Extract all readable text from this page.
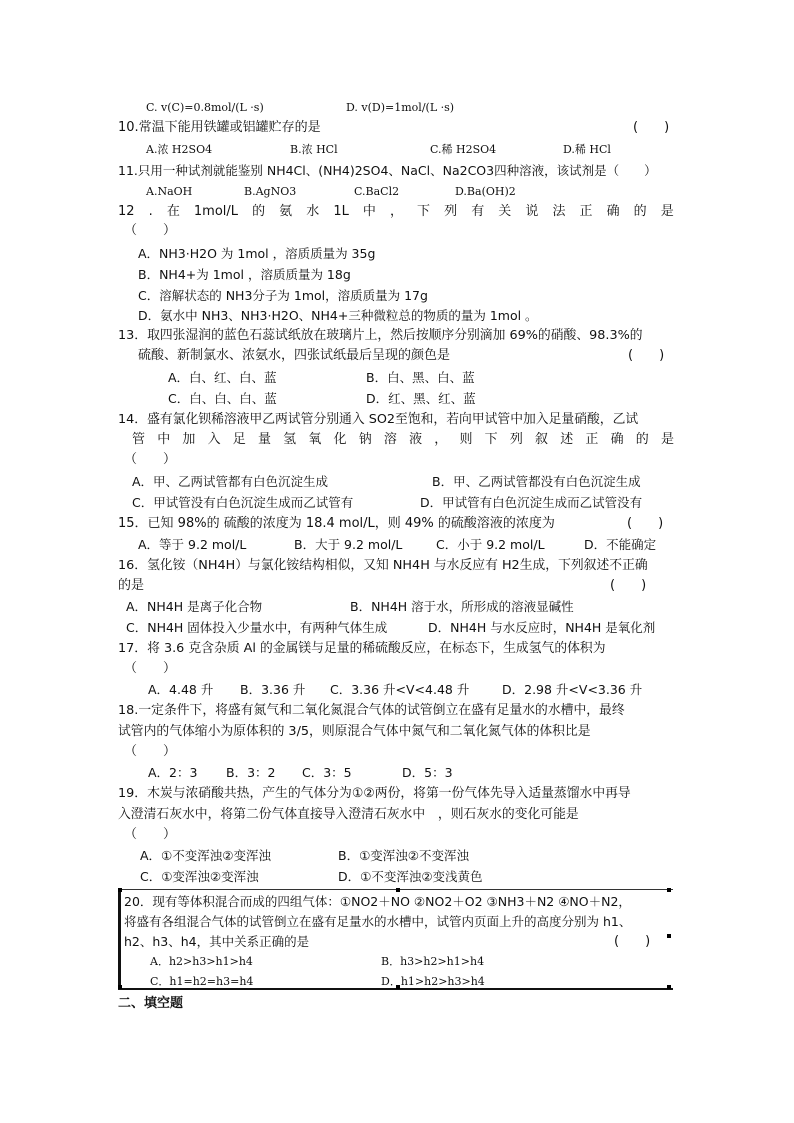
C. v(C)=0.8mol/(L ·s)	D. v(D)=1mol/(L ·s)
10.常温下能用铁罐或铝罐贮存的是	(　　)
A.浓 H2SO4	B.浓 HCl	C.稀 H2SO4	D.稀 HCl
11.只用一种试剂就能鉴别 NH4Cl、(NH4)2SO4、NaCl、Na2CO3四种溶液，该试剂是（　　）
A.NaOH	B.AgNO3	C.BaCl2	D.Ba(OH)2
12 . 在 1mol/L 的 氨 水 1L 中 ， 下 列 有 关 说 法 正 确 的 是
（　　）
A．NH3·H2O 为 1mol ，溶质质量为 35g
B．NH4+为 1mol ，溶质质量为 18g
C．溶解状态的 NH3分子为 1mol，溶质质量为 17g
D．氨水中 NH3、NH3·H2O、NH4+三种微粒总的物质的量为 1mol 。
13．取四张湿润的蓝色石蕊试纸放在玻璃片上，然后按顺序分别滴加 69%的硝酸、98.3%的
硫酸、新制氯水、浓氨水，四张试纸最后呈现的颜色是	(　　)
A．白、红、白、蓝	B．白、黑、白、蓝
C．白、白、白、蓝	D．红、黑、红、蓝
14．盛有氯化钡稀溶液甲乙两试管分别通入 SO2至饱和，若向甲试管中加入足量硝酸，乙试
管 中 加 入 足 量 氢 氧 化 钠 溶 液 ， 则 下 列 叙 述 正 确 的 是
（　　）
A．甲、乙两试管都有白色沉淀生成	B．甲、乙两试管都没有白色沉淀生成
C．甲试管没有白色沉淀生成而乙试管有	D．甲试管有白色沉淀生成而乙试管没有
15．已知 98%的 硫酸的浓度为 18.4 mol/L，则 49% 的硫酸溶液的浓度为	(　　)
A．等于 9.2 mol/L	B．大于 9.2 mol/L	C．小于 9.2 mol/L	D．不能确定
16．氢化铵（NH4H）与氯化铵结构相似，又知 NH4H 与水反应有 H2生成，下列叙述不正确
的是	(　　)
A．NH4H 是离子化合物	B．NH4H 溶于水，所形成的溶液显碱性
C．NH4H 固体投入少量水中，有两种气体生成	D．NH4H 与水反应时，NH4H 是氧化剂
17．将 3.6 克含杂质 Al 的金属镁与足量的稀硫酸反应，在标态下，生成氢气的体积为
（　　）
A．4.48 升 B．3.36 升 C．3.36 升<V<4.48 升	D．2.98 升<V<3.36 升
18.一定条件下，将盛有氮气和二氧化氮混合气体的试管倒立在盛有足量水的水槽中，最终
试管内的气体缩小为原体积的 3/5，则原混合气体中氮气和二氧化氮气体的体积比是
（　　）
A．2：3 B．3：2 C．3：5	D．5：3
19．木炭与浓硝酸共热，产生的气体分为①②两份，将第一份气体先导入适量蒸馏水中再导
入澄清石灰水中，将第二份气体直接导入澄清石灰水中　，则石灰水的变化可能是
（　　）
A．①不变浑浊②变浑浊	B．①变浑浊②不变浑浊
C．①变浑浊②变浑浊	D．①不变浑浊②变浅黄色
20．现有等体积混合而成的四组气体：①NO2＋NO ②NO2＋O2 ③NH3＋N2 ④NO＋N2，
将盛有各组混合气体的试管倒立在盛有足量水的水槽中，试管内页面上升的高度分别为 h1、
h2、h3、h4，其中关系正确的是	(　　)
A．h2>h3>h1>h4	B．h3>h2>h1>h4
C．h1=h2=h3=h4	D．h1>h2>h3>h4
二、填空题
